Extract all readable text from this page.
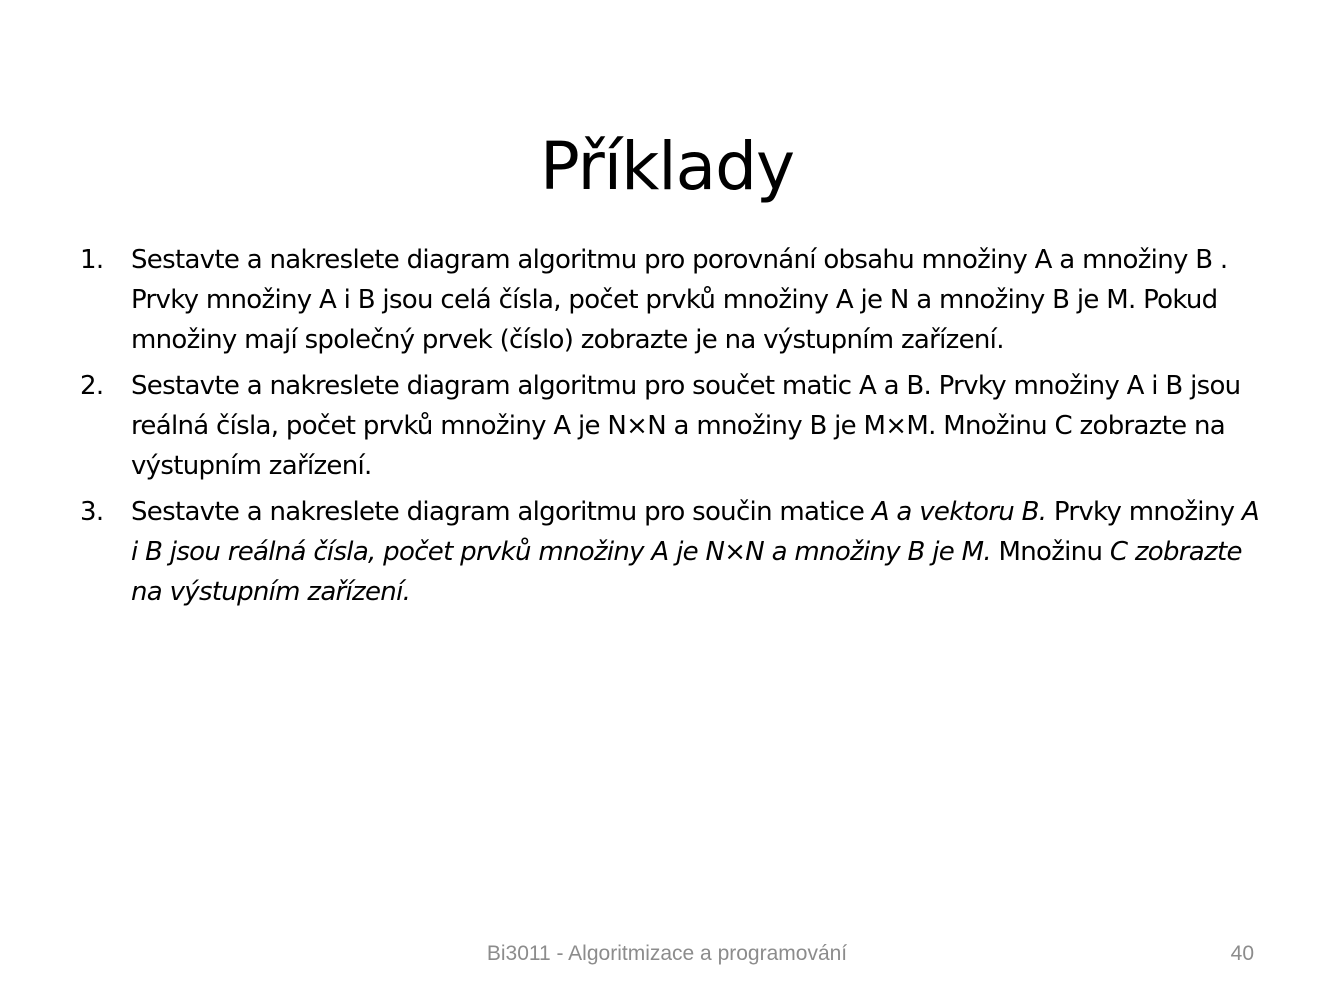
Příklady
1. Sestavte a nakreslete diagram algoritmu pro porovnání obsahu množiny A a množiny B . Prvky množiny A i B jsou celá čísla, počet prvků množiny A je N a množiny B je M. Pokud množiny mají společný prvek (číslo) zobrazte je na výstupním zařízení.
2. Sestavte a nakreslete diagram algoritmu pro součet matic A a B. Prvky množiny A i B jsou reálná čísla, počet prvků množiny A je N×N a množiny B je M×M. Množinu C zobrazte na výstupním zařízení.
3. Sestavte a nakreslete diagram algoritmu pro součin matice A a vektoru B. Prvky množiny A i B jsou reálná čísla, počet prvků množiny A je N×N a množiny B je M. Množinu C zobrazte na výstupním zařízení.
Bi3011 - Algoritmizace a programování	40
